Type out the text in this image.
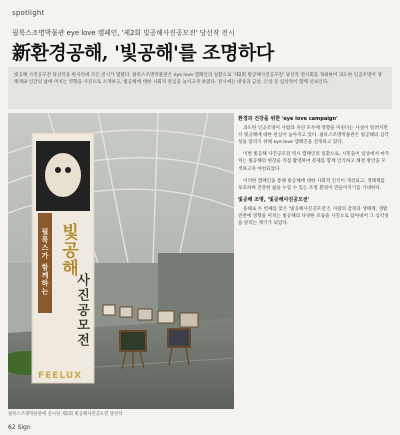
spotlight
필룩스조명박물관 eye love 캠페인, '제2회 빛공해사진공모전' 당선작 전시
新환경공해, '빛공해'를 조명하다
빛공해 사진공모전 당선작을 한자리에 모은 전시가 열렸다. 필룩스조명박물관은 eye love 캠페인의 일환으로 '제2회 빛공해사진공모전' 당선작 전시회를 개최하여 과도한 인공조명이 생태계와 인간의 삶에 미치는 영향을 사진으로 소개하고, 빛공해에 대한 사회적 관심을 높이고자 하였다. 전시에는 대상과 금상, 은상 등 입상작이 함께 선보인다.
필룩스가 함께하는 빛공해
사진공모전
FEELUX
환경과 건강을 위한 'eye love campaign'

과도한 인공조명이 사람과 자연 모두에 영향을 미친다는 사실이 알려지면서 빛공해에 대한 관심이 높아지고 있다. 필룩스조명박물관은 빛공해의 심각성을 알리기 위해 eye love 캠페인을 전개하고 있다.

이번 빛공해 사진공모전 역시 캠페인의 일환으로, 시민들이 일상에서 마주치는 빛공해의 현장을 직접 촬영하여 문제를 함께 인식하고 해결 방안을 모색하고자 마련되었다.

이러한 캠페인을 통해 빛공해에 대한 사회적 인식이 개선되고, 생태계를 보호하며 건강한 삶을 누릴 수 있는 조명 환경이 만들어지기를 기대한다.

빛공해 조명, '빛공해사진공모전'

올해로 두 번째를 맞은 '빛공해사진공모전'은 사람의 감정과 생태계, 생활 전반에 영향을 미치는 빛공해의 다양한 모습을 사진으로 담아내어 그 심각성을 알리는 계기가 되었다.

필룩스조명박물관에 전시된 제2회 빛공해사진공모전 당선작
62 Sign
